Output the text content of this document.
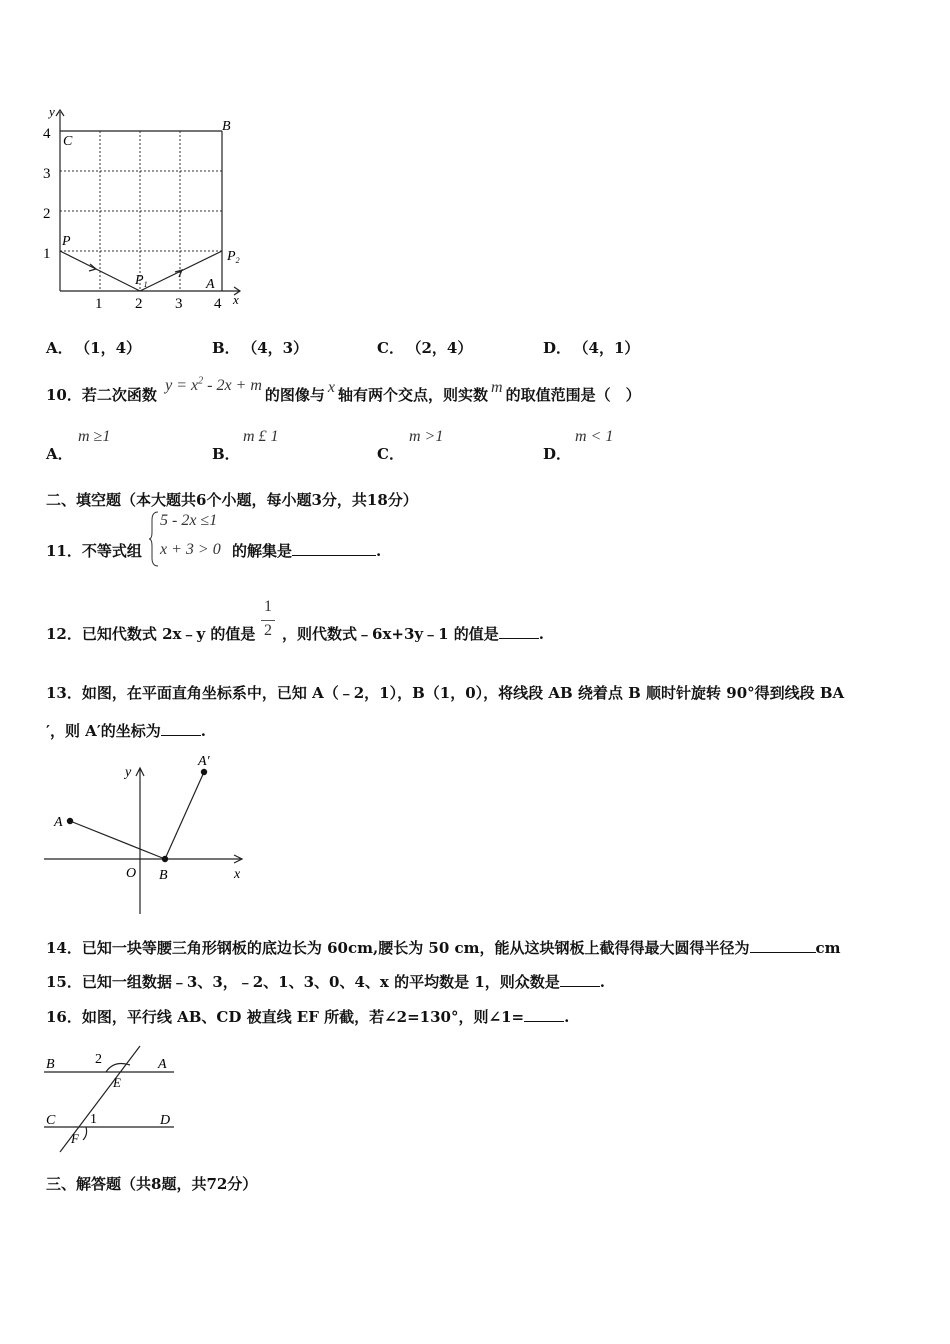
y
4
3
2
1
1 2 3 4 x
C
B
P
$P_1$
$P_2$
A
A． （1，4）	B． （4，3）	C． （2，4）	D． （4，1）
10．若二次函数 $y = x^2 - 2x + m$的图像与 x 轴有两个交点，则实数 m 的取值范围是（　）
A．
m ≥1
B．
m £ 1
C．
m >1
D．
m < 1
二、填空题（本大题共6个小题，每小题3分，共18分）
11．不等式组
5 - 2x ≤1
x + 3 > 0 的解集是	.
12．已知代数式 2x﹣y 的值是
1
2 ，则代数式﹣6x+3y﹣1 的值是	.
13．如图，在平面直角坐标系中，已知 A（﹣2，1），B（1，0），将线段 AB 绕着点 B 顺时针旋转 90°得到线段 BA
′，则 A′的坐标为	.
A
A′
O B	x
y
14．已知一块等腰三角形钢板的底边长为 60cm,腰长为 50 cm，能从这块钢板上截得得最大圆得半径为	cm
15．已知一组数据﹣3、3，﹣2、1、3、0、4、x 的平均数是 1，则众数是	.
16．如图，平行线 AB、CD 被直线 EF 所截，若∠2=130°，则∠1=	.
B	A
C	D
E
F
2
1
三、解答题（共8题，共72分）
